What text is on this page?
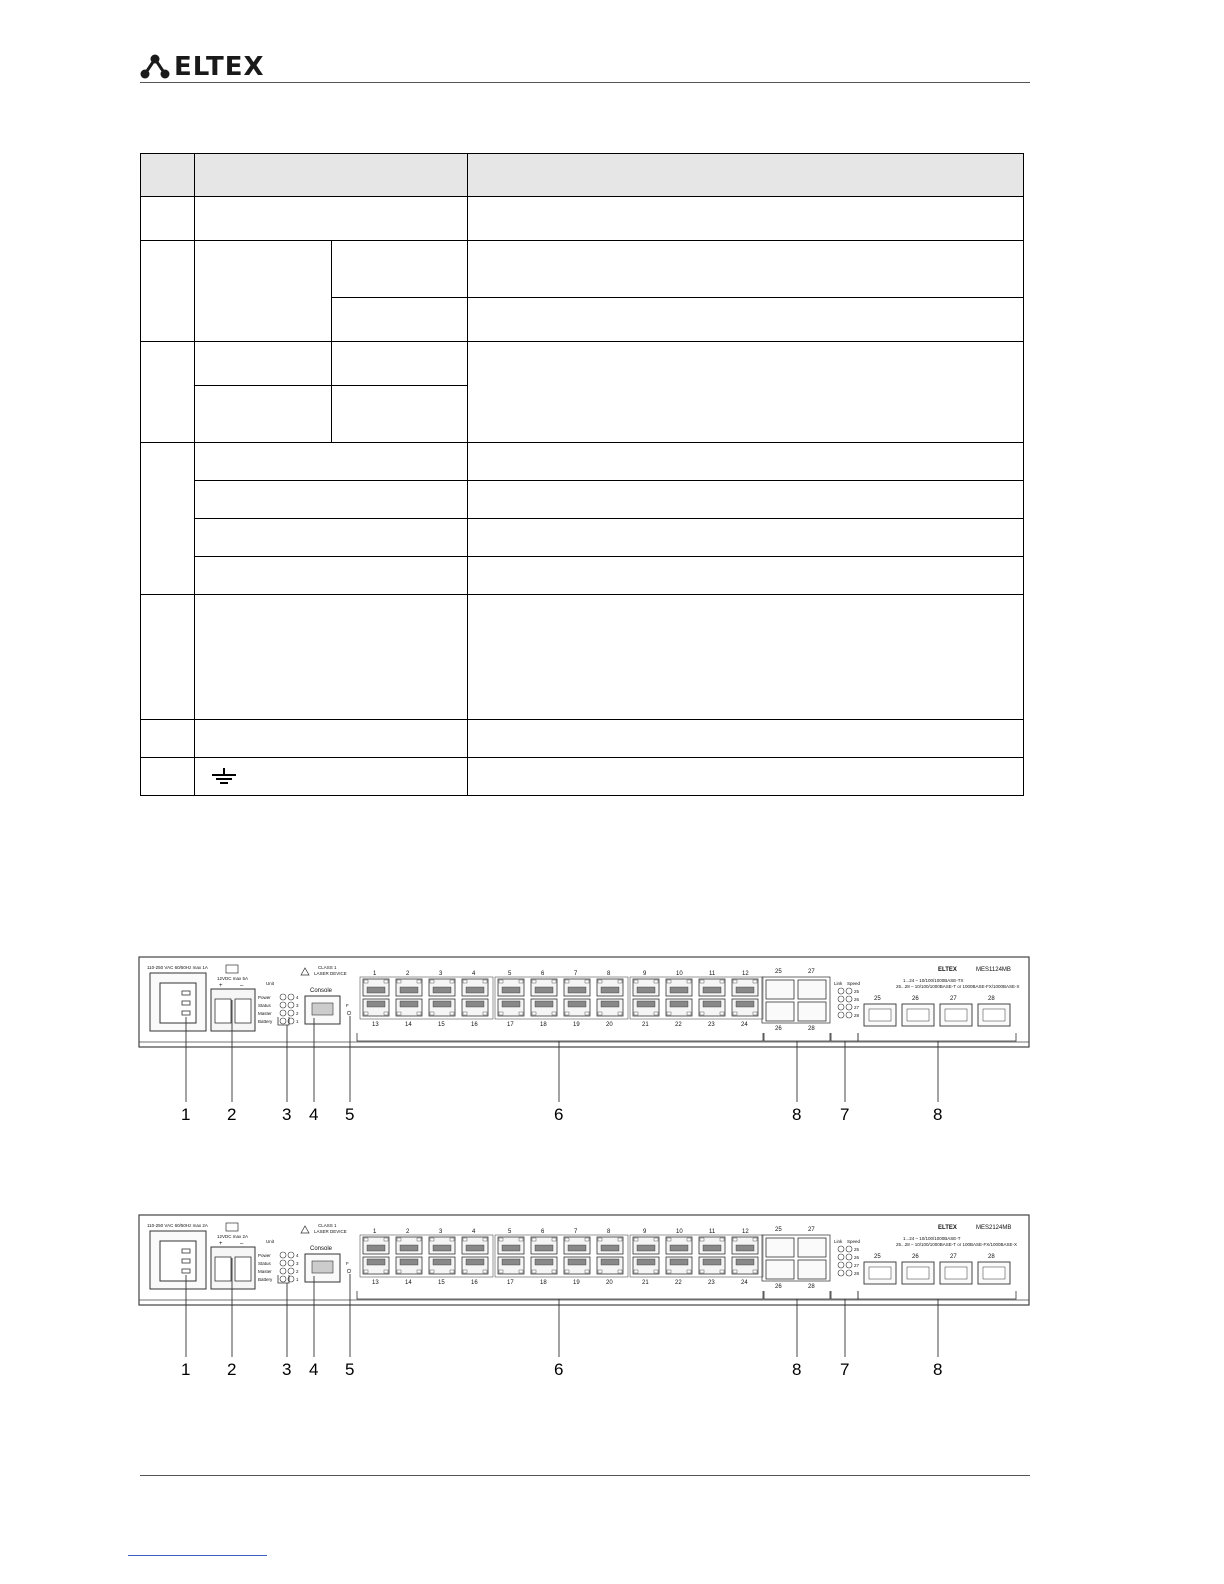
ELTEX

110-250 VAC 60/50Hz max 1A
12VDC max 5A
+	–	Unit
Power	4
Status	3
Master	2
Battery	1
CLASS 1
LASER DEVICE
Console
F
1
13
2
14
3
15
4
16
5
17
6
18
7
19
8
20
9
21
10
22
11
23
12
24
25	27
26	28
Link Speed
25
26
27
28
ELTEX	MES1124MB
1...24 – 10/100/1000BASE-TX
25...28 – 10/100/1000BASE-T or 1000BASE-FX/1000BASE-X
25	26	27	28
1 2	3 4 5	6	8 7	8
110-250 VAC 60/50Hz max 2A
12VDC max 2A
+	–	Unit
Power	4
Status	3
Master	2
Battery	1
CLASS 1
LASER DEVICE
Console
F
1
13
2
14
3
15
4
16
5
17
6
18
7
19
8
20
9
21
10
22
11
23
12
24
25	27
26	28
Link Speed
25
26
27
28
ELTEX	MES2124MB
1...24 – 10/100/1000BASE-T
25...28 – 10/100/1000BASE-T or 100BASE-FX/1000BASE-X
25	26	27	28
1 2	3 4 5	6	8 7	8
